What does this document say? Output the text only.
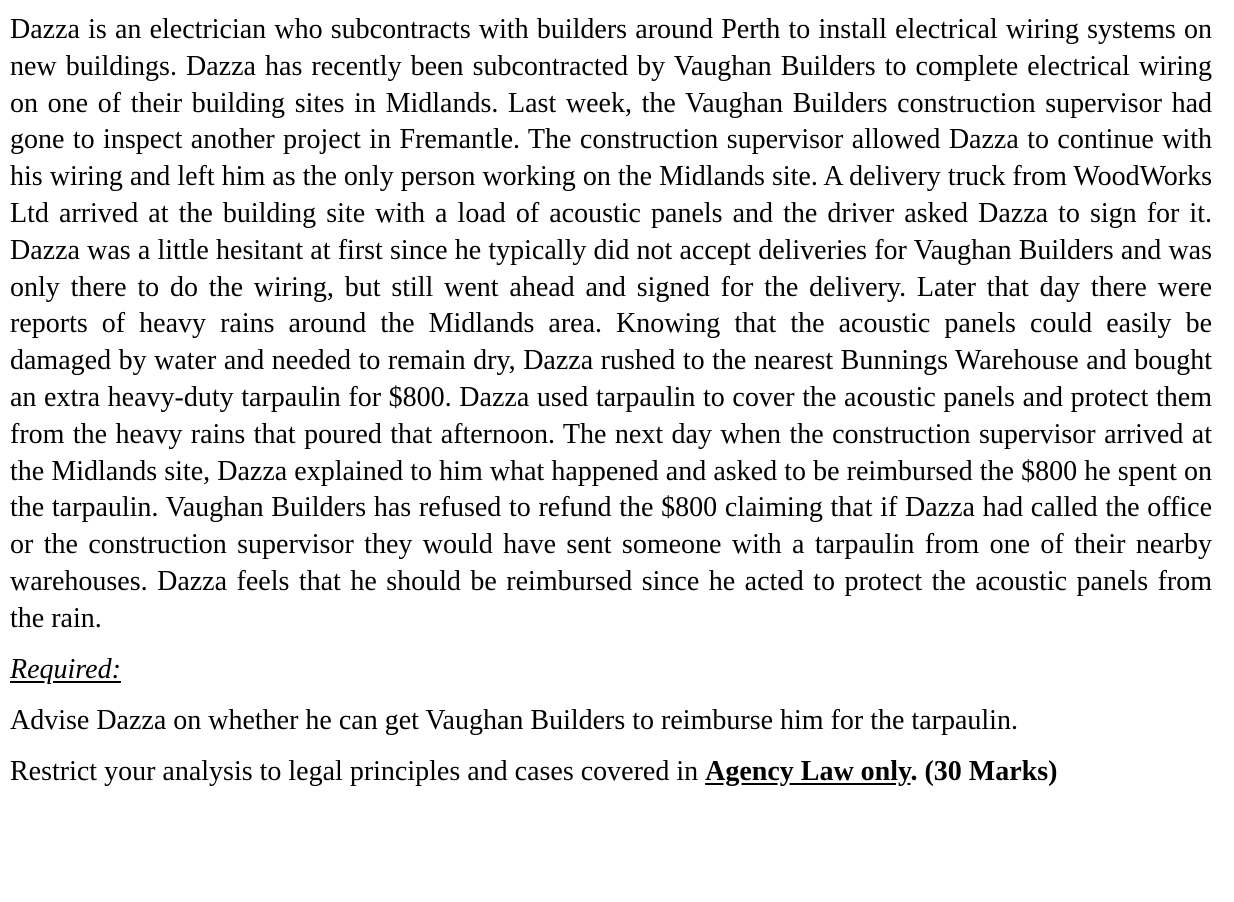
Dazza is an electrician who subcontracts with builders around Perth to install electrical wiring systems on new buildings. Dazza has recently been subcontracted by Vaughan Builders to complete electrical wiring on one of their building sites in Midlands. Last week, the Vaughan Builders construction supervisor had gone to inspect another project in Fremantle. The construction supervisor allowed Dazza to continue with his wiring and left him as the only person working on the Midlands site. A delivery truck from WoodWorks Ltd arrived at the building site with a load of acoustic panels and the driver asked Dazza to sign for it. Dazza was a little hesitant at first since he typically did not accept deliveries for Vaughan Builders and was only there to do the wiring, but still went ahead and signed for the delivery. Later that day there were reports of heavy rains around the Midlands area. Knowing that the acoustic panels could easily be damaged by water and needed to remain dry, Dazza rushed to the nearest Bunnings Warehouse and bought an extra heavy-duty tarpaulin for $800. Dazza used tarpaulin to cover the acoustic panels and protect them from the heavy rains that poured that afternoon. The next day when the construction supervisor arrived at the Midlands site, Dazza explained to him what happened and asked to be reimbursed the $800 he spent on the tarpaulin. Vaughan Builders has refused to refund the $800 claiming that if Dazza had called the office or the construction supervisor they would have sent someone with a tarpaulin from one of their nearby warehouses. Dazza feels that he should be reimbursed since he acted to protect the acoustic panels from the rain.

Required:

Advise Dazza on whether he can get Vaughan Builders to reimburse him for the tarpaulin.

Restrict your analysis to legal principles and cases covered in Agency Law only. (30 Marks)
